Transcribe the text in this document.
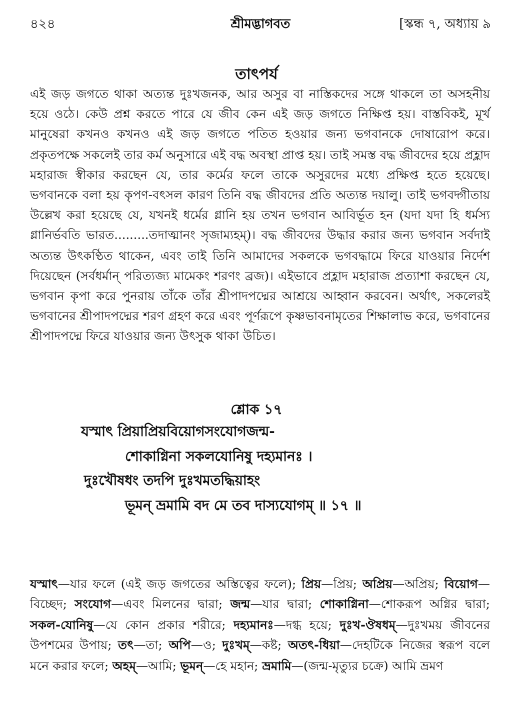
৪২৪	শ্রীমদ্ভাগবত	[স্কন্ধ ৭, অধ্যায় ৯
তাৎপর্য

এই জড় জগতে থাকা অত্যন্ত দুঃখজনক, আর অসুর বা নাস্তিকদের সঙ্গে থাকলে তা অসহনীয় হয়ে ওঠে। কেউ প্রশ্ন করতে পারে যে জীব কেন এই জড় জগতে নিক্ষিপ্ত হয়। বাস্তবিকই, মূর্খ মানুষেরা কখনও কখনও এই জড় জগতে পতিত হওয়ার জন্য ভগবানকে দোষারোপ করে। প্রকৃতপক্ষে সকলেই তার কর্ম অনুসারে এই বদ্ধ অবস্থা প্রাপ্ত হয়। তাই সমস্ত বদ্ধ জীবদের হয়ে প্রহ্লাদ মহারাজ স্বীকার করছেন যে, তার কর্মের ফলে তাকে অসুরদের মধ্যে প্রক্ষিপ্ত হতে হয়েছে। ভগবানকে বলা হয় কৃপণ-বৎসল কারণ তিনি বদ্ধ জীবদের প্রতি অত্যন্ত দয়ালু। তাই ভগবদ্গীতায় উল্লেখ করা হয়েছে যে, যখনই ধর্মের গ্লানি হয় তখন ভগবান আবির্ভূত হন (যদা যদা হি ধর্মস্য গ্লানির্ভবতি ভারত.........তদাত্মানং সৃজাম্যহম্)। বদ্ধ জীবদের উদ্ধার করার জন্য ভগবান সর্বদাই অত্যন্ত উৎকণ্ঠিত থাকেন, এবং তাই তিনি আমাদের সকলকে ভগবদ্ধামে ফিরে যাওয়ার নির্দেশ দিয়েছেন (সর্বধর্মান্ পরিত্যজ্য মামেকং শরণং ব্রজ)। এইভাবে প্রহ্লাদ মহারাজ প্রত্যাশা করছেন যে, ভগবান কৃপা করে পুনরায় তাঁকে তাঁর শ্রীপাদপদ্মের আশ্রয়ে আহ্বান করবেন। অর্থাৎ, সকলেরই ভগবানের শ্রীপাদপদ্মের শরণ গ্রহণ করে এবং পূর্ণরূপে কৃষ্ণভাবনামৃতের শিক্ষালাভ করে, ভগবানের শ্রীপাদপদ্মে ফিরে যাওয়ার জন্য উৎসুক থাকা উচিত।

শ্লোক ১৭
যস্মাৎ প্রিয়াপ্রিয়বিয়োগসংযোগজন্ম-
শোকাগ্নিনা সকলযোনিষু দহ্যমানঃ ।
দুঃখৌষধং তদপি দুঃখমতদ্ধিয়াহং
ভূমন্ ভ্রমামি বদ মে তব দাস্যযোগম্ ॥ ১৭ ॥
যস্মাৎ—যার ফলে (এই জড় জগতের অস্তিত্বের ফলে); প্রিয়—প্রিয়; অপ্রিয়—অপ্রিয়; বিয়োগ—বিচ্ছেদ; সংযোগ—এবং মিলনের দ্বারা; জন্ম—যার দ্বারা; শোকাগ্নিনা—শোকরূপ অগ্নির দ্বারা; সকল-যোনিষু—যে কোন প্রকার শরীরে; দহ্যমানঃ—দগ্ধ হয়ে; দুঃখ-ঔষধম্—দুঃখময় জীবনের উপশমের উপায়; তৎ—তা; অপি—ও; দুঃখম্—কষ্ট; অতৎ-ধিয়া—দেহটিকে নিজের স্বরূপ বলে মনে করার ফলে; অহম্—আমি; ভূমন্—হে মহান; ভ্রমামি—(জন্ম-মৃত্যুর চক্রে) আমি ভ্রমণ
